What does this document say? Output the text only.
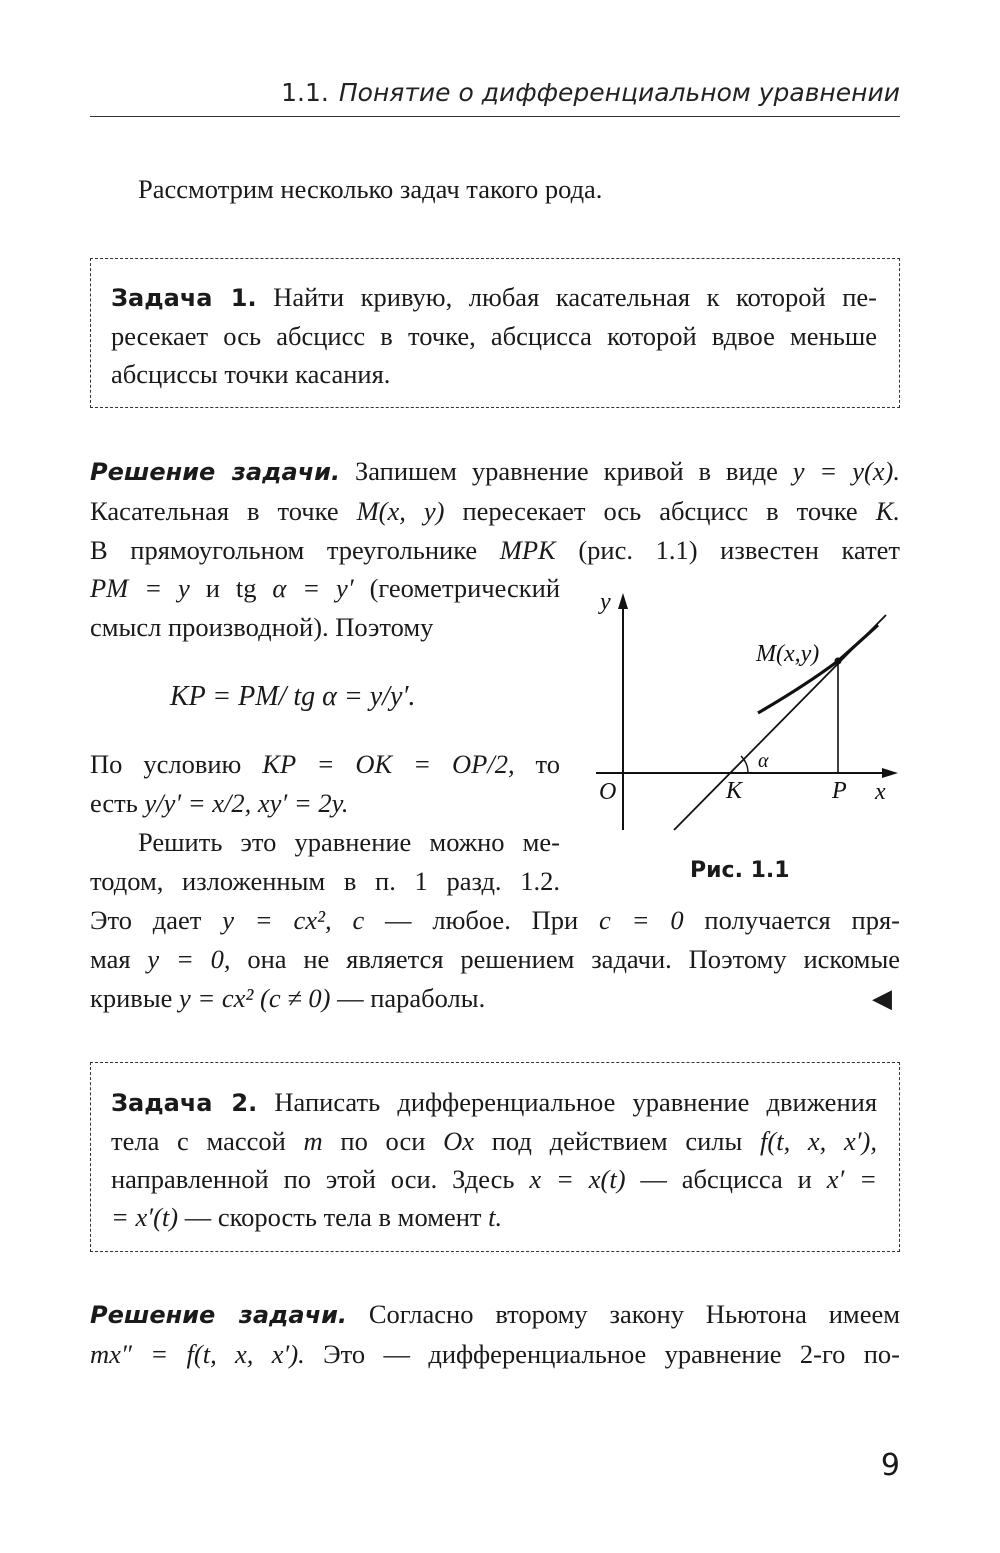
1.1. Понятие о дифференциальном уравнении
Рассмотрим несколько задач такого рода.
Задача 1. Найти кривую, любая касательная к которой пе-
ресекает ось абсцисс в точке, абсцисса которой вдвое меньше
абсциссы точки касания.
Решение задачи. Запишем уравнение кривой в виде y = y(x).
Касательная в точке M(x, y) пересекает ось абсцисс в точке K.
В прямоугольном треугольнике MPK (рис. 1.1) известен катет
PM = y и tg α = y′ (геометрический
смысл производной). Поэтому
KP = PM/ tg α = y/y′.
По условию KP = OK = OP/2, то
есть y/y′ = x/2, xy′ = 2y.
Решить это уравнение можно ме-
тодом, изложенным в п. 1 разд. 1.2.
y
x
O	K	P
M(x,y)
α
Рис. 1.1
Это дает y = cx², c — любое. При c = 0 получается пря-
мая y = 0, она не является решением задачи. Поэтому искомые
кривые y = cx² (c ≠ 0) — параболы.	◀
Задача 2. Написать дифференциальное уравнение движения
тела с массой m по оси Ox под действием силы f(t, x, x′),
направленной по этой оси. Здесь x = x(t) — абсцисса и x′ =
= x′(t) — скорость тела в момент t.
Решение задачи. Согласно второму закону Ньютона имеем
mx″ = f(t, x, x′). Это — дифференциальное уравнение 2-го по-
9
